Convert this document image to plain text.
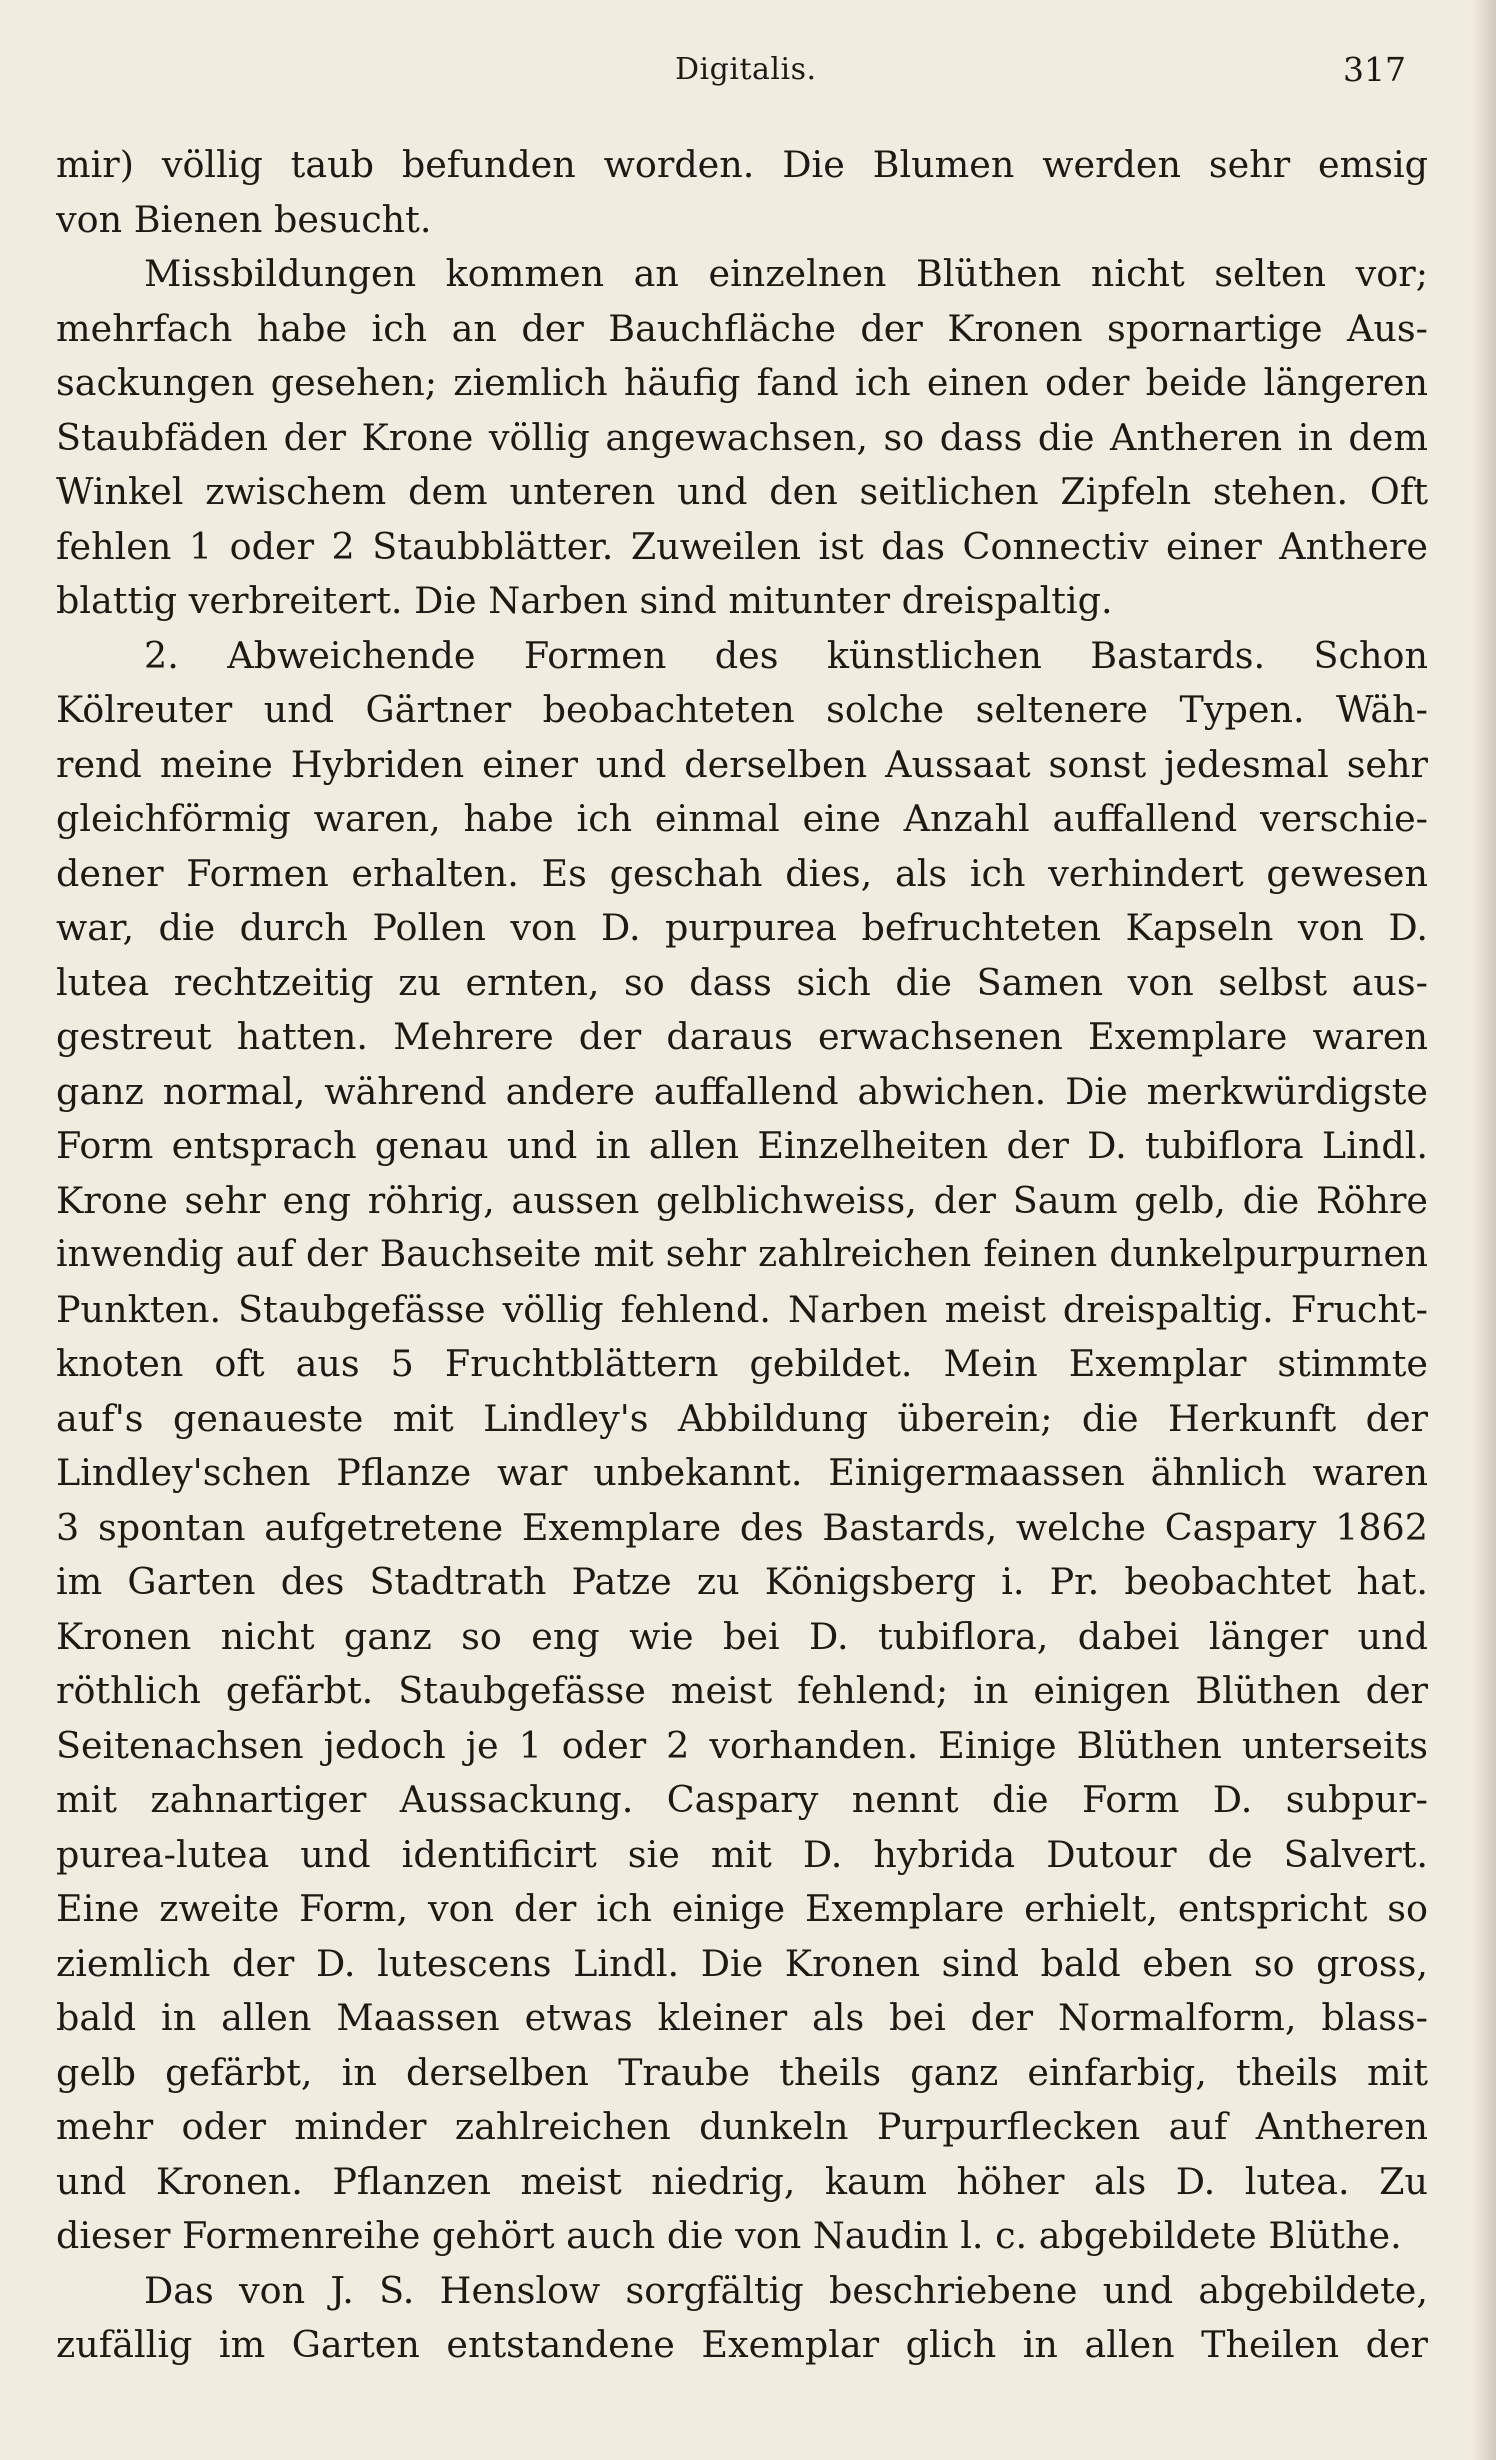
Digitalis.	317
mir) völlig taub befunden worden. Die Blumen werden sehr emsig
von Bienen besucht.
Missbildungen kommen an einzelnen Blüthen nicht selten vor;
mehrfach habe ich an der Bauchfläche der Kronen spornartige Aus-
sackungen gesehen; ziemlich häufig fand ich einen oder beide längeren
Staubfäden der Krone völlig angewachsen, so dass die Antheren in dem
Winkel zwischem dem unteren und den seitlichen Zipfeln stehen. Oft
fehlen 1 oder 2 Staubblätter. Zuweilen ist das Connectiv einer Anthere
blattig verbreitert. Die Narben sind mitunter dreispaltig.
2. Abweichende Formen des künstlichen Bastards. Schon
Kölreuter und Gärtner beobachteten solche seltenere Typen. Wäh-
rend meine Hybriden einer und derselben Aussaat sonst jedesmal sehr
gleichförmig waren, habe ich einmal eine Anzahl auffallend verschie-
dener Formen erhalten. Es geschah dies, als ich verhindert gewesen
war, die durch Pollen von D. purpurea befruchteten Kapseln von D.
lutea rechtzeitig zu ernten, so dass sich die Samen von selbst aus-
gestreut hatten. Mehrere der daraus erwachsenen Exemplare waren
ganz normal, während andere auffallend abwichen. Die merkwürdigste
Form entsprach genau und in allen Einzelheiten der D. tubiflora Lindl.
Krone sehr eng röhrig, aussen gelblichweiss, der Saum gelb, die Röhre
inwendig auf der Bauchseite mit sehr zahlreichen feinen dunkelpurpurnen
Punkten. Staubgefässe völlig fehlend. Narben meist dreispaltig. Frucht-
knoten oft aus 5 Fruchtblättern gebildet. Mein Exemplar stimmte
auf's genaueste mit Lindley's Abbildung überein; die Herkunft der
Lindley'schen Pflanze war unbekannt. Einigermaassen ähnlich waren
3 spontan aufgetretene Exemplare des Bastards, welche Caspary 1862
im Garten des Stadtrath Patze zu Königsberg i. Pr. beobachtet hat.
Kronen nicht ganz so eng wie bei D. tubiflora, dabei länger und
röthlich gefärbt. Staubgefässe meist fehlend; in einigen Blüthen der
Seitenachsen jedoch je 1 oder 2 vorhanden. Einige Blüthen unterseits
mit zahnartiger Aussackung. Caspary nennt die Form D. subpur-
purea-lutea und identificirt sie mit D. hybrida Dutour de Salvert.
Eine zweite Form, von der ich einige Exemplare erhielt, entspricht so
ziemlich der D. lutescens Lindl. Die Kronen sind bald eben so gross,
bald in allen Maassen etwas kleiner als bei der Normalform, blass-
gelb gefärbt, in derselben Traube theils ganz einfarbig, theils mit
mehr oder minder zahlreichen dunkeln Purpurflecken auf Antheren
und Kronen. Pflanzen meist niedrig, kaum höher als D. lutea. Zu
dieser Formenreihe gehört auch die von Naudin l. c. abgebildete Blüthe.
Das von J. S. Henslow sorgfältig beschriebene und abgebildete,
zufällig im Garten entstandene Exemplar glich in allen Theilen der
